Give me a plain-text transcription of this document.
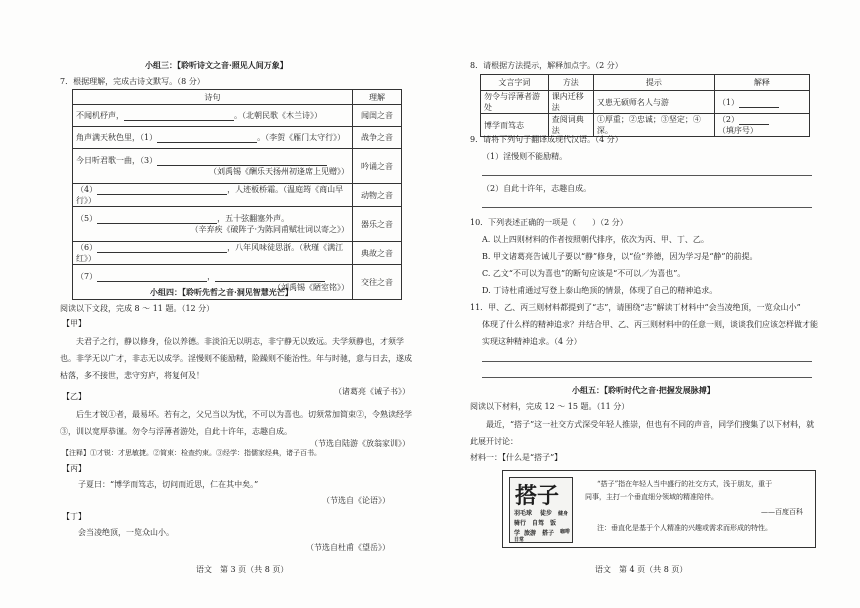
小组三：【聆听诗文之音·照见人间万象】
7．根据理解，完成古诗文默写。（8 分）
诗句	理解
不闻机杼声， 。（北朝民歌《木兰诗》）	闻闺之音
角声满天秋色里，（1） 。（李贺《雁门太守行》）	战争之音

今日听君歌一曲，（3）
（刘禹锡《酬乐天扬州初逢席上见赠》）	吟诵之音
（4） ，人迹板桥霜。（温庭筠《商山早行》）	动物之音

（5） ，五十弦翻塞外声。
（辛弃疾《破阵子·为陈同甫赋壮词以寄之》）	器乐之音
（6） ，八年风味徒思浙。（秋瑾《满江红》）	典故之音

（7） ，
（刘禹锡《陋室铭》）	交往之音
小组四：【聆听先哲之音·洞见智慧光芒】
阅读以下文段，完成 8 ～ 11 题。（12 分）
【甲】
夫君子之行，静以修身，俭以养德。非淡泊无以明志，非宁静无以致远。夫学须静也，才须学也。非学无以广才，非志无以成学。淫慢则不能励精，险躁则不能治性。年与时驰，意与日去，遂成枯落，多不接世，悲守穷庐，将复何及！
（诸葛亮《诫子书》）
【乙】
后生才锐①者，最易坏。若有之，父兄当以为忧，不可以为喜也。切须常加简束②，令熟读经学③，训以宽厚恭谨。勿令与浮薄者游处，自此十许年，志趣自成。
【注释】①才锐：才思敏捷。②简束：检查约束。③经学：指儒家经典，诸子百书。
（节选自陆游《放翁家训》）
【丙】
子夏曰：“博学而笃志，切问而近思，仁在其中矣。”
（节选自《论语》）
【丁】
会当凌绝顶，一览众山小。
（节选自杜甫《望岳》）
语文　第 3 页（共 8 页）
8．请根据方法提示，解释加点字。（2 分）
文言字词	方法	提示	解释
勿令与浮薄者游处	课内迁移法	又患无硕师名人与游	（1）
博学而笃志	查阅词典法	①厚重；②忠诚；③坚定；④深。	（2）（填序号）
9．请将下列句子翻译成现代汉语。（4 分）
（1）淫慢则不能励精。
（2）自此十许年，志趣自成。
10．下列表述正确的一项是（　　）（2 分）
A. 以上四则材料的作者按照朝代排序，依次为丙、甲、丁、乙。
B. 甲文诸葛亮告诫儿子要以“静”修身，以“俭”养德，因为学习是“静”的前提。
C. 乙文“不可以为喜也”的断句应该是“不可以／为喜也”。
D. 丁诗杜甫通过写登上泰山绝顶的情景，体现了自己的精神追求。
11．甲、乙、丙三则材料都提到了“志”，请围绕“志”解读丁材料中“会当凌绝顶，一览众山小”
体现了什么样的精神追求？并结合甲、乙、丙三则材料中的任意一则，谈谈我们应该怎样做才能
实现这种精神追求。（4 分）
小组五：【聆听时代之音·把握发展脉搏】
阅读以下材料，完成 12 ～ 15 题。（11 分）
最近，“搭子”这一社交方式深受年轻人推崇，但也有不同的声音，同学们搜集了以下材料，就
此展开讨论：
材料一：【什么是“搭子”】
搭子
羽毛球 徒步
骑行 自驾 饭
学 旅游 搭子
健身
咖啡
日常
“搭子”指在年轻人当中盛行的社交方式，浅于朋友，重于
同事，主打一个垂直细分领域的精准陪伴。
——百度百科
注：垂直化是基于个人精准的兴趣或需求而形成的特性。
语文　第 4 页（共 8 页）
